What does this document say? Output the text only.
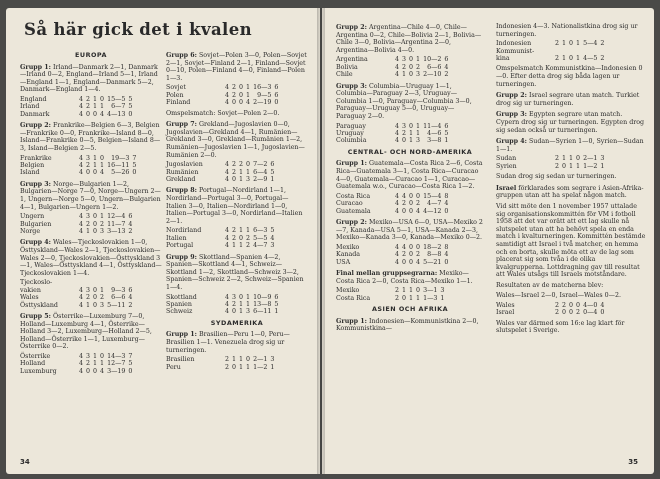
Så här gick det i kvalen
EUROPA
Grupp 1: Irland—Danmark 2—1, Danmark—Irland 0—2, England—Irland 5—1, Irland—England 1—1, England—Danmark 5—2, Danmark—England 1—4.
England	4	2	1	0	15—5	5
Irland	4	2	1	1	6—7	5
Danmark	4	0	0	4	4—13	0
Grupp 2: Frankrike—Belgien 6—3, Belgien—Frankrike 0—0, Frankrike—Island 8—0, Island—Frankrike 0—5, Belgien—Island 8—3, Island—Belgien 2—5.
Frankrike	4	3	1	0	19—3	7
Belgien	4	2	1	1	16—11	5
Island	4	0	0	4	5—26	0
Grupp 3: Norge—Bulgarien 1—2, Bulgarien—Norge 7—0, Norge—Ungern 2—1, Ungern—Norge 5—0, Ungern—Bulgarien 4—1, Bulgarien—Ungern 1—2.
Ungern	4	3	0	1	12—4	6
Bulgarien	4	2	0	2	11—7	4
Norge	4	1	0	3	3—13	2
Grupp 4: Wales—Tjeckoslovakien 1—0, Östtyskland—Wales 2—1, Tjeckoslovakien—Wales 2—0, Tjeckoslovakien—Östtyskland 3—1, Wales—Östtyskland 4—1, Östtyskland—Tjeckoslovakien 1—4.
Tjeckoslo-						
vakien	4	3	0	1	9—3	6
Wales	4	2	0	2	6—6	4
Östtyskland	4	1	0	3	5—11	2
Grupp 5: Österrike—Luxemburg 7—0, Holland—Luxemburg 4—1, Österrike—Holland 3—2, Luxemburg—Holland 2—5, Holland—Österrike 1—1, Luxemburg—Österrike 0—2.
Österrike	4	3	1	0	14—3	7
Holland	4	2	1	1	12—7	5
Luxemburg	4	0	0	4	3—19	0
Grupp 6: Sovjet—Polen 3—0, Polen—Sovjet 2—1, Sovjet—Finland 2—1, Finland—Sovjet 0—10, Polen—Finland 4—0, Finland—Polen 1—3.
Sovjet	4	2	0	1	16—3	6
Polen	4	2	0	1	9—5	6
Finland	4	0	0	4	2—19	0
Omspelsmatch: Sovjet—Polen 2—0.
Grupp 7: Grekland—Jugoslavien 0—0, Jugoslavien—Grekland 4—1, Rumänien—Grekland 3—0, Grekland—Rumänien 1—2, Rumänien—Jugoslavien 1—1, Jugoslavien—Rumänien 2—0.
Jugoslavien	4	2	2	0	7—2	6
Rumänien	4	2	1	1	6—4	5
Grekland	4	0	1	3	2—9	1
Grupp 8: Portugal—Nordirland 1—1, Nordirland—Portugal 3—0, Portugal—Italien 3—0, Italien—Nordirland 1—0, Italien—Portugal 3—0, Nordirland—Italien 2—1.
Nordirland	4	2	1	1	6—3	5
Italien	4	2	0	2	5—5	4
Portugal	4	1	1	2	4—7	3
Grupp 9: Skottland—Spanien 4—2, Spanien—Skottland 4—1, Schweiz—Skottland 1—2, Skottland—Schweiz 3—2, Spanien—Schweiz 2—2, Schweiz—Spanien 1—4.
Skottland	4	3	0	1	10—9	6
Spanien	4	2	1	1	13—8	5
Schweiz	4	0	1	3	6—11	1
SYDAMERIKA
Grupp 1: Brasilien—Peru 1—0, Peru—Brasilien 1—1. Venezuela drog sig ur turneringen.
Brasilien	2	1	1	0	2—1	3
Peru	2	0	1	1	1—2	1
34
Grupp 2: Argentina—Chile 4—0, Chile—Argentina 0—2, Chile—Bolivia 2—1, Bolivia—Chile 3—0, Bolivia—Argentina 2—0, Argentina—Bolivia 4—0.
Argentina	4	3	0	1	10—2	6
Bolivia	4	2	0	2	6—6	4
Chile	4	1	0	3	2—10	2
Grupp 3: Columbia—Uruguay 1—1, Columbia—Paraguay 2—3, Uruguay—Columbia 1—0, Paraguay—Columbia 3—0, Paraguay—Uruguay 5—0, Uruguay—Paraguay 2—0.
Paraguay	4	3	0	1	11—4	6
Uruguay	4	2	1	1	4—6	5
Columbia	4	0	1	3	3—8	1
CENTRAL- OCH NORD-AMERIKA
Grupp 1: Guatemala—Costa Rica 2—6, Costa Rica—Guatemala 3—1, Costa Rica—Curacao 4—0, Guatemala—Curacao 1—1, Curacao—Guatemala w.o., Curacao—Costa Rica 1—2.
Costa Rica	4	4	0	0	15—4	8
Curacao	4	2	0	2	4—7	4
Guatemala	4	0	0	4	4—12	0
Grupp 2: Mexiko—USA 6—0, USA—Mexiko 2—7, Kanada—USA 5—1, USA—Kanada 2—3, Mexiko—Kanada 3—0, Kanada—Mexiko 0—2.
Mexiko	4	4	0	0	18—2	8
Kanada	4	2	0	2	8—8	4
USA	4	0	0	4	5—21	0
Final mellan gruppsegrarna: Mexiko—Costa Rica 2—0, Costa Rica—Mexiko 1—1.
Mexiko	2	1	1	0	3—1	3
Costa Rica	2	0	1	1	1—3	1
ASIEN OCH AFRIKA
Grupp 1: Indonesien—Kommunistkina 2—0, Kommunistkina—
Indonesien 4—3. Nationalistkina drog sig ur turneringen.
Indonesien	2	1	0	1	5—4	2
Kommunist-						
kina	2	1	0	1	4—5	2
Omspelsmatch Kommunistkina—Indonesien 0—0. Efter detta drog sig båda lagen ur turneringen.
Grupp 2: Israel segrare utan match. Turkiet drog sig ur turneringen.
Grupp 3: Egypten segrare utan match. Cypern drog sig ur turneringen. Egypten drog sig sedan också ur turneringen.
Grupp 4: Sudan—Syrien 1—0, Syrien—Sudan 1—1.
Sudan	2	1	1	0	2—1	3
Syrien	2	0	1	1	1—2	1
Sudan drog sig sedan ur turneringen.
Israel förklarades som segrare i Asien-Afrika-gruppen utan att ha spelat någon match.
Vid sitt möte den 1 november 1957 uttalade sig organisationskommittén för VM i fotboll 1958 att det var orätt att ett lag skulle nå slutspelet utan att ha behövt spela en enda match i kvalturneringen. Kommittén bestämde samtidigt att Israel i två matcher, en hemma och en borta, skulle möta ett av de lag som placerat sig som tvåa i de olika kvalgrupperna. Lottdragning gav till resultat att Wales utsågs till Israels motståndare.
Resultaten av de matcherna blev:
Wales—Israel 2—0, Israel—Wales 0—2.
Wales	2	2	0	0	4—0	4
Israel	2	0	0	2	0—4	0
Wales var därmed som 16:e lag klart för slutspelet i Sverige.
35
